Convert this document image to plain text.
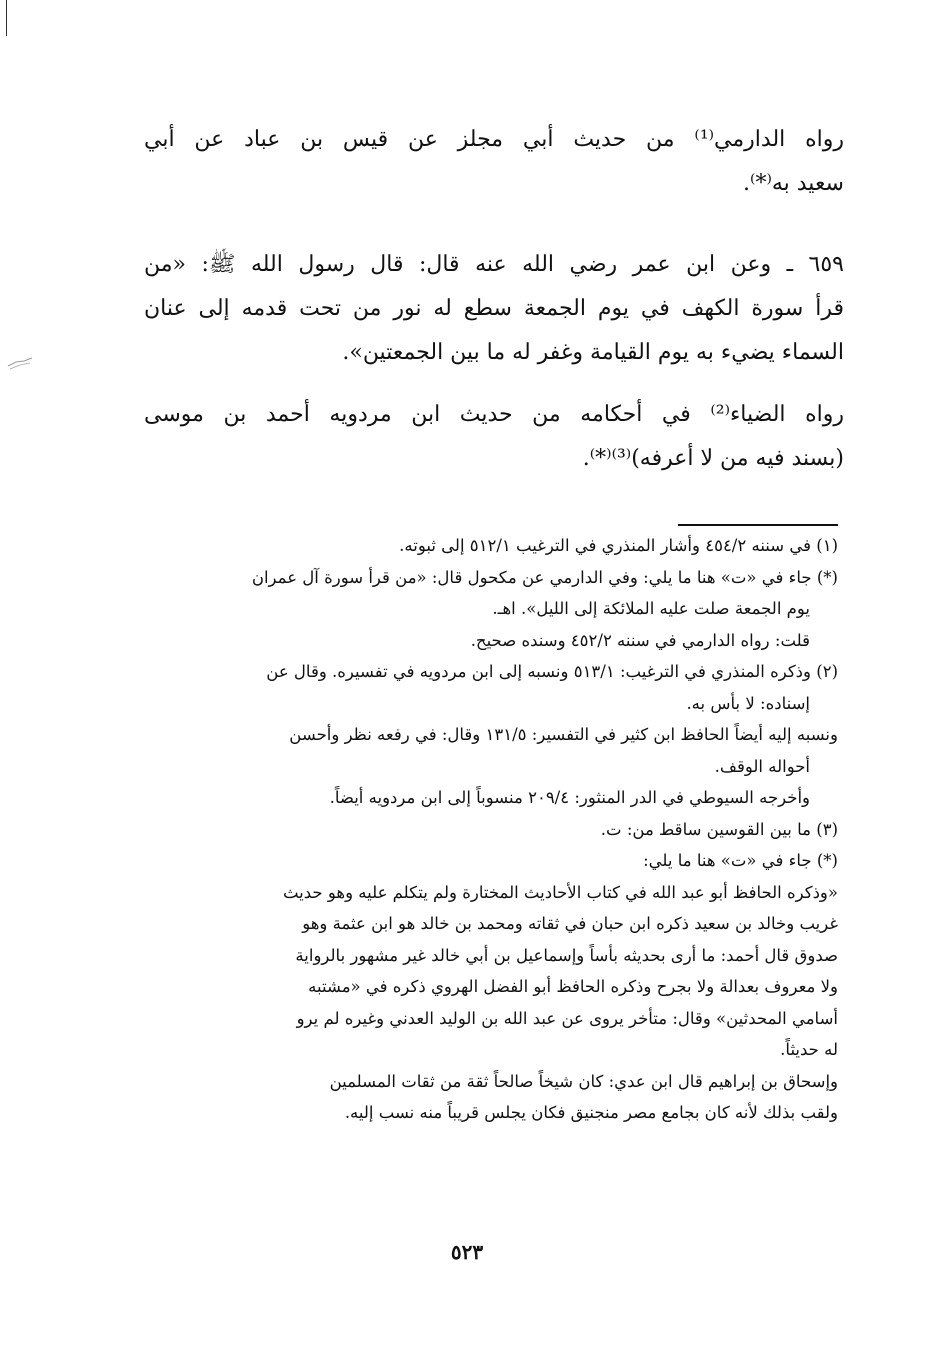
رواه الدارمي⁽¹⁾ من حديث أبي مجلز عن قيس بن عباد عن أبي

سعيد به⁽*⁾.

٦٥٩ ـ وعن ابن عمر رضي الله عنه قال: قال رسول الله ﷺ: «من

قرأ سورة الكهف في يوم الجمعة سطع له نور من تحت قدمه إلى عنان

السماء يضيء به يوم القيامة وغفر له ما بين الجمعتين».

رواه الضياء⁽²⁾ في أحكامه من حديث ابن مردويه أحمد بن موسى

(بسند فيه من لا أعرفه)⁽³⁾⁽*⁾.

(١) في سننه ٤٥٤/٢ وأشار المنذري في الترغيب ٥١٢/١ إلى ثبوته.

(*) جاء في «ت» هنا ما يلي: وفي الدارمي عن مكحول قال: «من قرأ سورة آل عمران

يوم الجمعة صلت عليه الملائكة إلى الليل». اهـ.

قلت: رواه الدارمي في سننه ٤٥٢/٢ وسنده صحيح.

(٢) وذكره المنذري في الترغيب: ٥١٣/١ ونسبه إلى ابن مردويه في تفسيره. وقال عن

إسناده: لا بأس به.

ونسبه إليه أيضاً الحافظ ابن كثير في التفسير: ١٣١/٥ وقال: في رفعه نظر وأحسن

أحواله الوقف.

وأخرجه السيوطي في الدر المنثور: ٢٠٩/٤ منسوباً إلى ابن مردويه أيضاً.

(٣) ما بين القوسين ساقط من: ت.

(*) جاء في «ت» هنا ما يلي:

«وذكره الحافظ أبو عبد الله في كتاب الأحاديث المختارة ولم يتكلم عليه وهو حديث

غريب وخالد بن سعيد ذكره ابن حبان في ثقاته ومحمد بن خالد هو ابن عثمة وهو

صدوق قال أحمد: ما أرى بحديثه بأساً وإسماعيل بن أبي خالد غير مشهور بالرواية

ولا معروف بعدالة ولا بجرح وذكره الحافظ أبو الفضل الهروي ذكره في «مشتبه

أسامي المحدثين» وقال: متأخر يروى عن عبد الله بن الوليد العدني وغيره لم يرو

له حديثاً.

وإسحاق بن إبراهيم قال ابن عدي: كان شيخاً صالحاً ثقة من ثقات المسلمين

ولقب بذلك لأنه كان بجامع مصر منجنيق فكان يجلس قريباً منه نسب إليه.

٥٢٣
